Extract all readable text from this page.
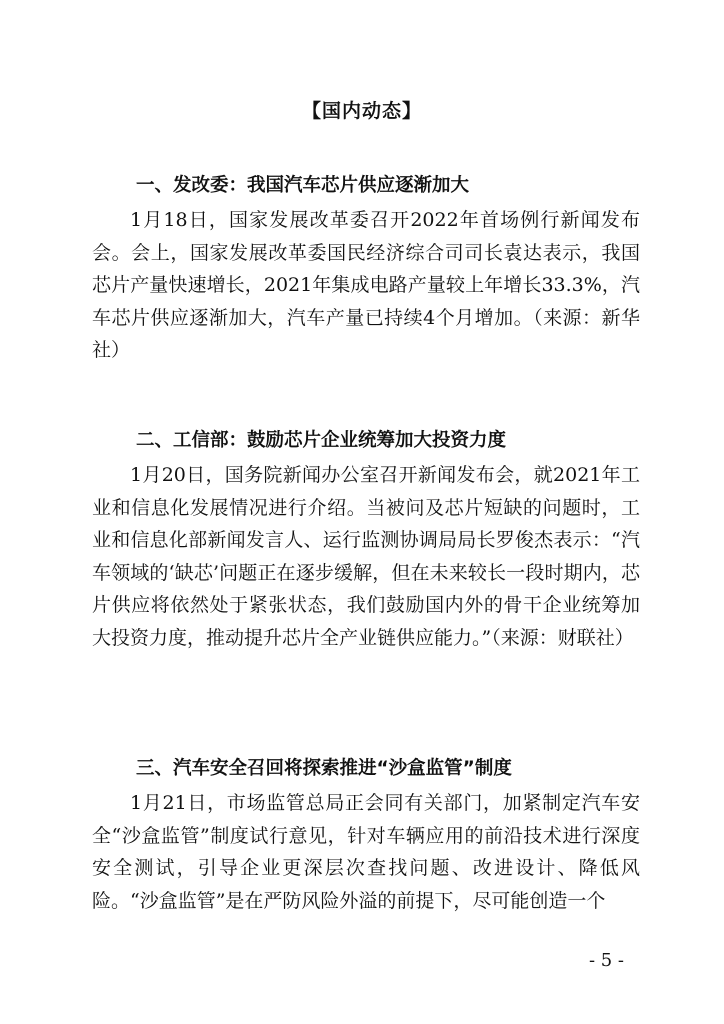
【国内动态】
一、发改委：我国汽车芯片供应逐渐加大

1月18日，国家发展改革委召开2022年首场例行新闻发布会。会上，国家发展改革委国民经济综合司司长袁达表示，我国芯片产量快速增长，2021年集成电路产量较上年增长33.3%，汽车芯片供应逐渐加大，汽车产量已持续4个月增加。（来源：新华社）

二、工信部：鼓励芯片企业统筹加大投资力度

1月20日，国务院新闻办公室召开新闻发布会，就2021年工业和信息化发展情况进行介绍。当被问及芯片短缺的问题时，工业和信息化部新闻发言人、运行监测协调局局长罗俊杰表示：“汽车领域的‘缺芯’问题正在逐步缓解，但在未来较长一段时期内，芯片供应将依然处于紧张状态，我们鼓励国内外的骨干企业统筹加大投资力度，推动提升芯片全产业链供应能力。”（来源：财联社）

三、汽车安全召回将探索推进“沙盒监管”制度

1月21日，市场监管总局正会同有关部门，加紧制定汽车安全“沙盒监管”制度试行意见，针对车辆应用的前沿技术进行深度安全测试，引导企业更深层次查找问题、改进设计、降低风险。“沙盒监管”是在严防风险外溢的前提下，尽可能创造一个

- 5 -
